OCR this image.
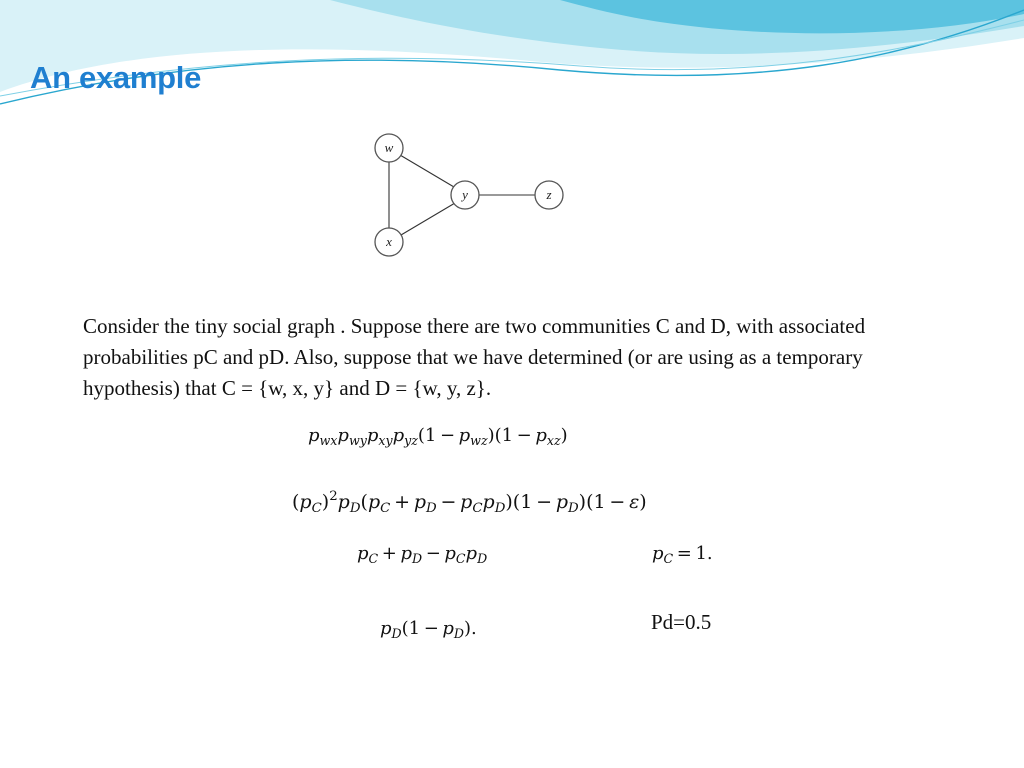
An example
w
x
y	z

Consider the tiny social graph . Suppose there are two communities C and D, with associated probabilities pC and pD. Also, suppose that we have determined (or are using as a temporary hypothesis) that C = {w, x, y} and D = {w, y, z}.

$p_{wx}p_{wy}p_{xy}p_{yz}(1 - p_{wz})(1 - p_{xz})$
$(p_C)^2p_D(p_C + p_D - p_Cp_D)(1 - p_D)(1 - \varepsilon)$
$p_C + p_D - p_Cp_D$	$p_C = 1$.
$p_D(1 - p_D)$.	Pd=0.5
